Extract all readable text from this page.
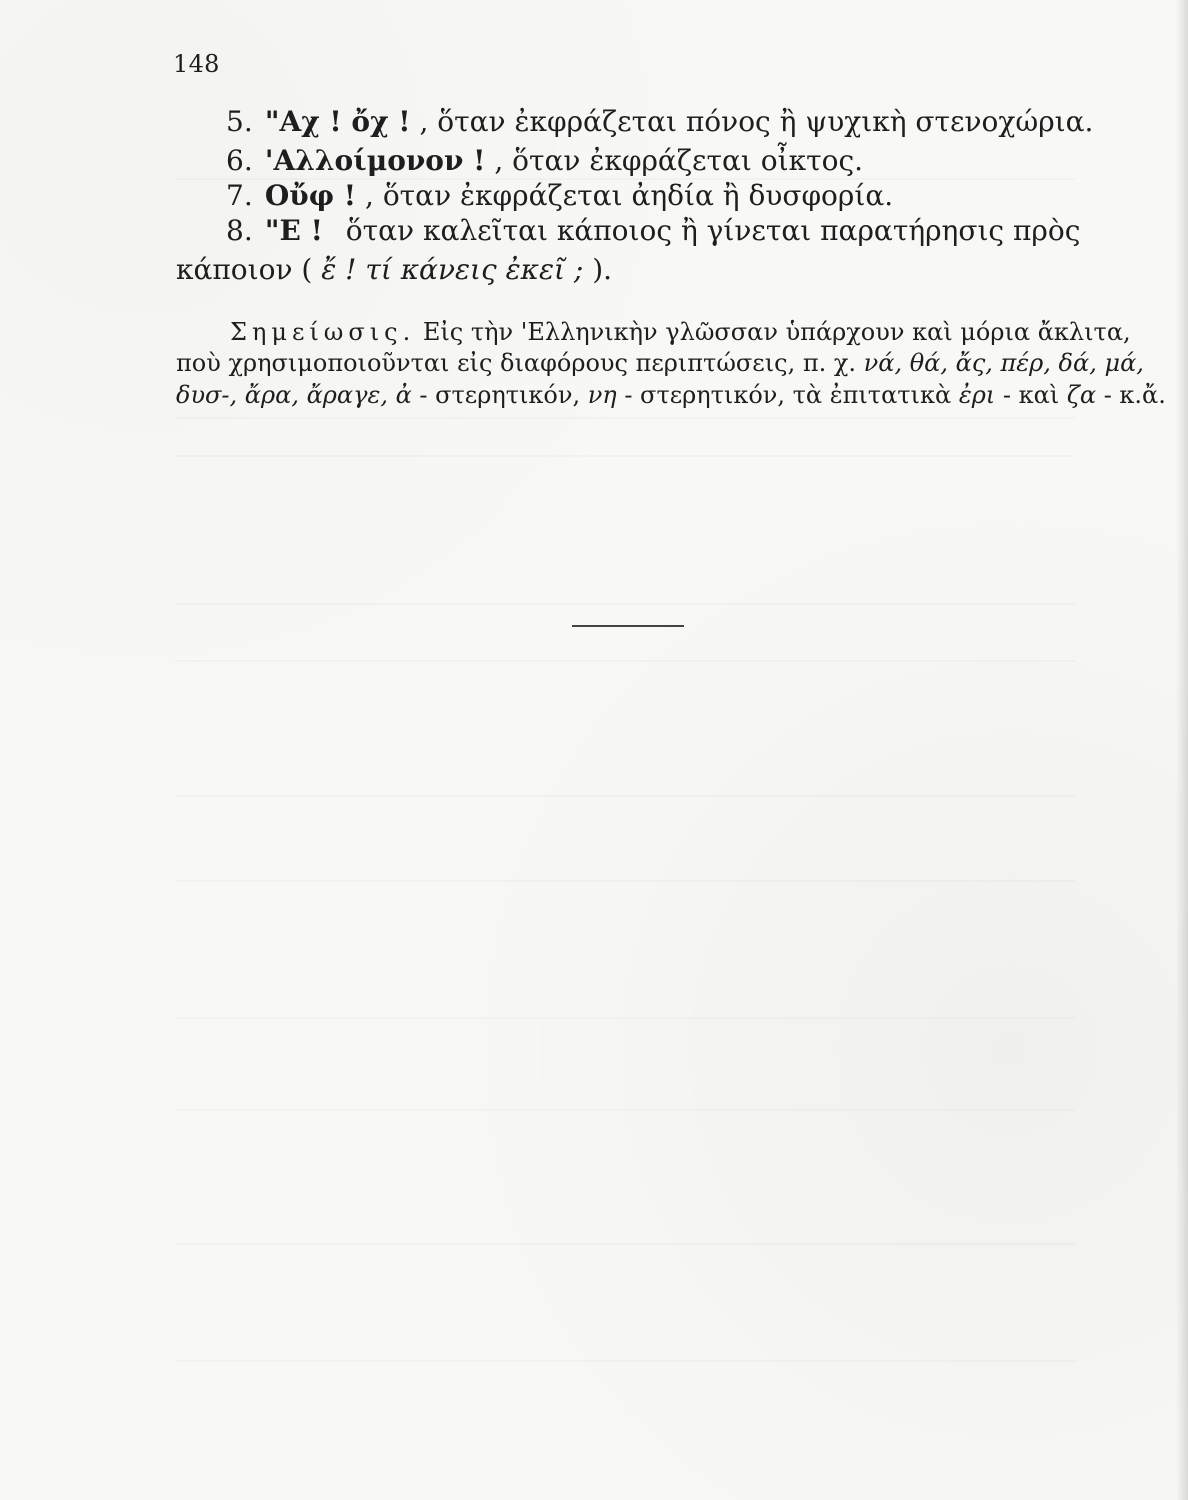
148
5. "Αχ ! ὄχ ! , ὅταν ἐκφράζεται πόνος ἢ ψυχικὴ στενοχώρια.
6. 'Αλλοίμονον ! , ὅταν ἐκφράζεται οἶκτος.
7. Οὔφ ! , ὅταν ἐκφράζεται ἀηδία ἢ δυσφορία.
8. "Ε ! ὅταν καλεῖται κάποιος ἢ γίνεται παρατήρησις πρὸς
κάποιον ( ἔ ! τί κάνεις ἐκεῖ ; ).
Σημείωσις. Εἰς τὴν 'Ελληνικὴν γλῶσσαν ὑπάρχουν καὶ μόρια ἄκλιτα,
ποὺ χρησιμοποιοῦνται εἰς διαφόρους περιπτώσεις, π. χ. νά, θά, ἄς, πέρ, δά, μά,
δυσ-, ἄρα, ἄραγε, ἀ - στερητικόν, νη - στερητικόν, τὰ ἐπιτατικὰ ἐρι - καὶ ζα - κ.ἄ.
